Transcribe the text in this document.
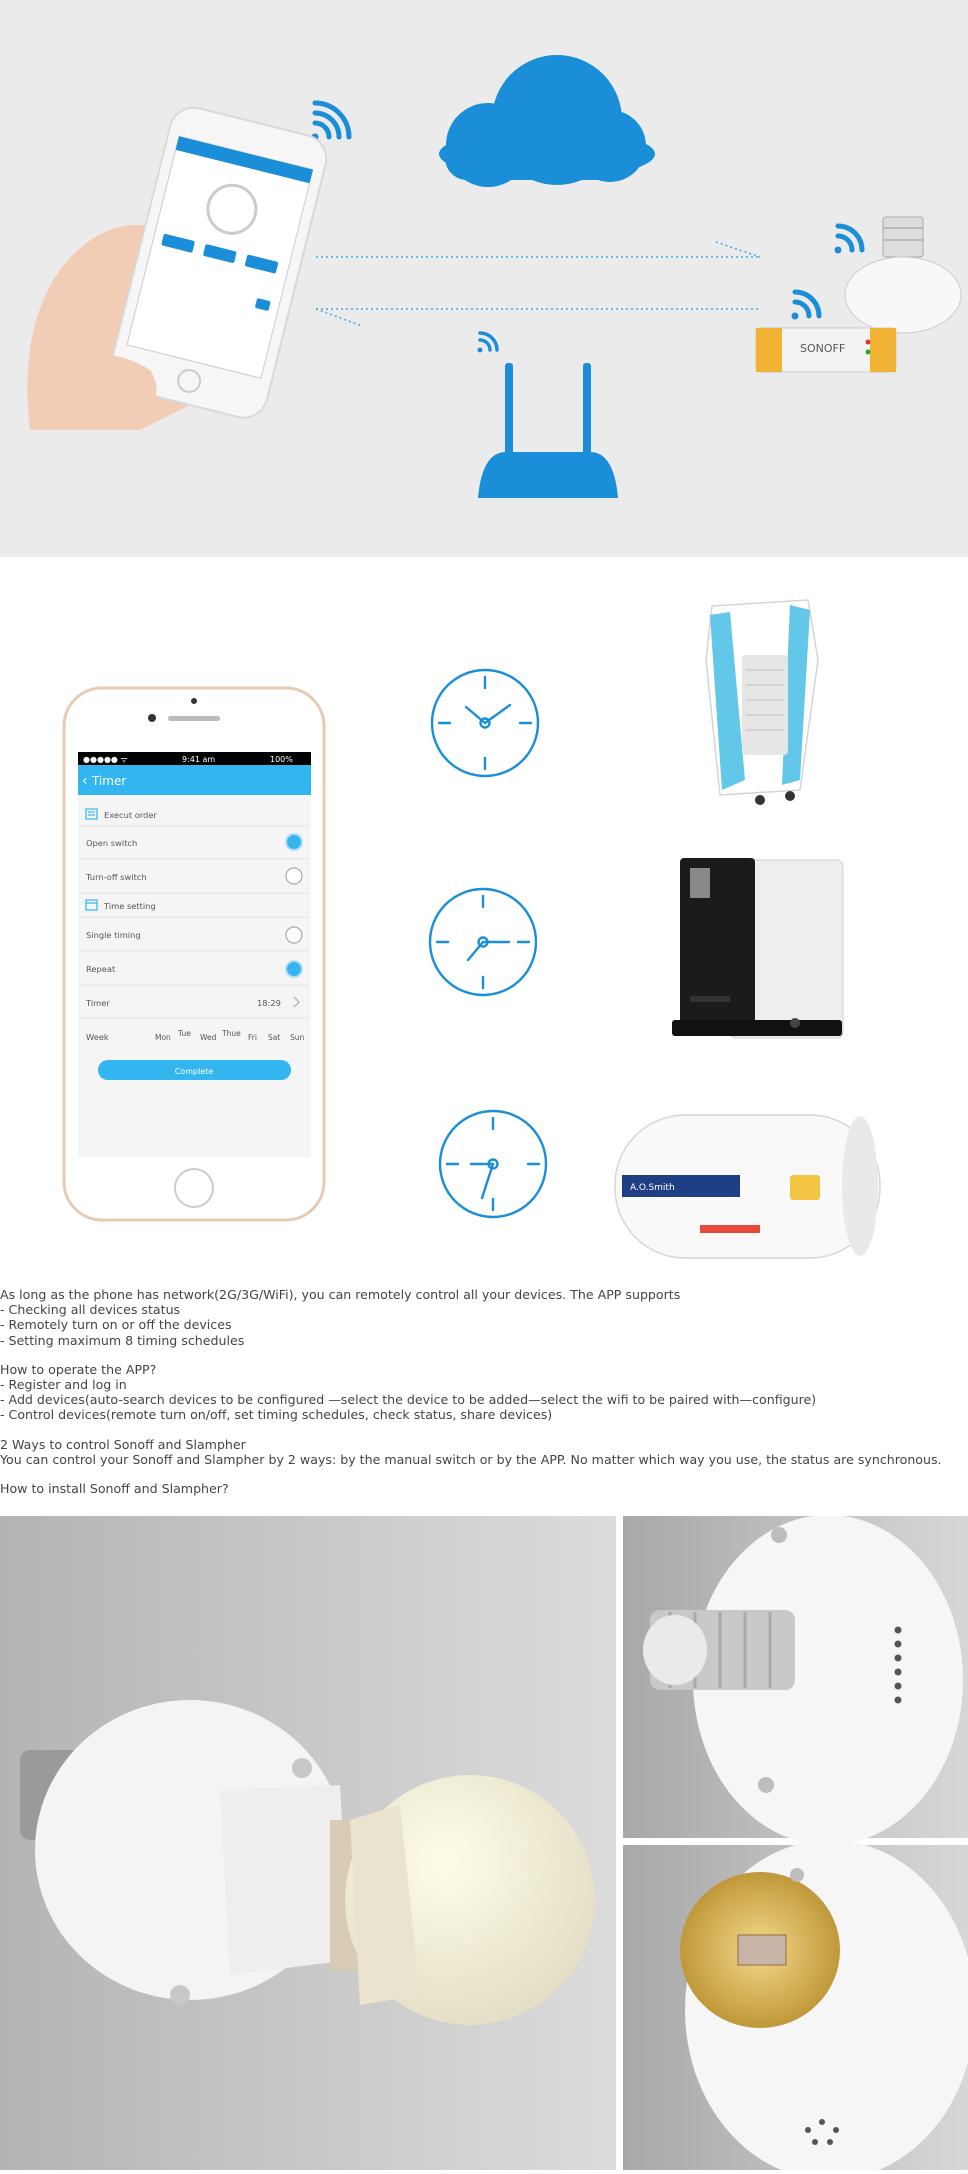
SONOFF
●●●●● ᯤ	9:41 am	100%
‹ Timer
Execut order
Open switch
Turn-off switch
Time setting
Single timing
Repeat
Timer	18:29
Week	Mon Tue Wed Thue Fri Sat Sun
Complete
A.O.Smith

As long as the phone has network(2G/3G/WiFi), you can remotely control all your devices. The APP supports

- Checking all devices status

- Remotely turn on or off the devices

- Setting maximum 8 timing schedules

How to operate the APP?

- Register and log in

- Add devices(auto-search devices to be configured —select the device to be added—select the wifi to be paired with—configure)

- Control devices(remote turn on/off, set timing schedules, check status, share devices)

2 Ways to control Sonoff and Slampher

You can control your Sonoff and Slampher by 2 ways: by the manual switch or by the APP. No matter which way you use, the status are synchronous.

How to install Sonoff and Slampher?
